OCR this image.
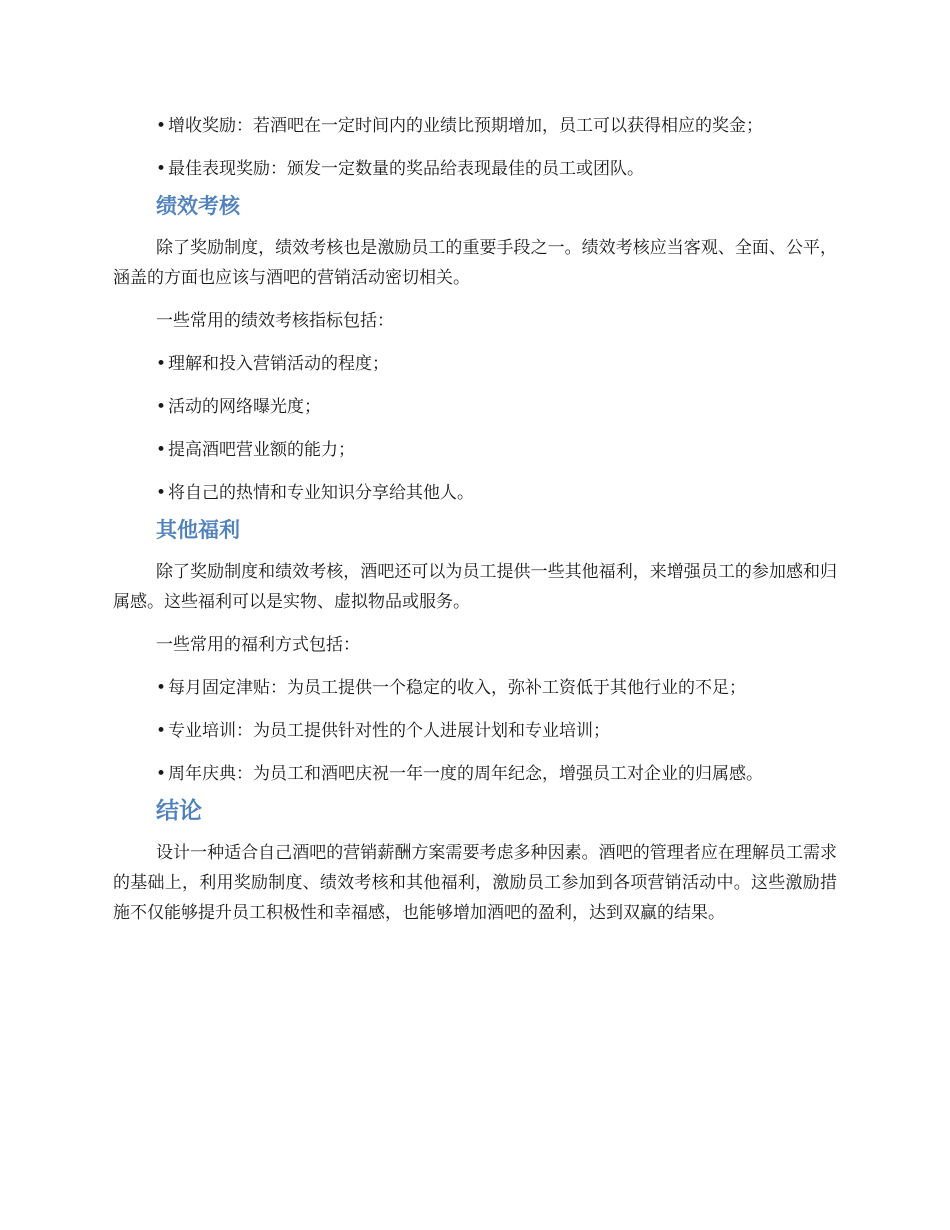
• 增收奖励：若酒吧在一定时间内的业绩比预期增加，员工可以获得相应的奖金；

• 最佳表现奖励：颁发一定数量的奖品给表现最佳的员工或团队。

绩效考核

除了奖励制度，绩效考核也是激励员工的重要手段之一。绩效考核应当客观、全面、公平，涵盖的方面也应该与酒吧的营销活动密切相关。

一些常用的绩效考核指标包括：

• 理解和投入营销活动的程度；

• 活动的网络曝光度；

• 提高酒吧营业额的能力；

• 将自己的热情和专业知识分享给其他人。

其他福利

除了奖励制度和绩效考核，酒吧还可以为员工提供一些其他福利，来增强员工的参加感和归属感。这些福利可以是实物、虚拟物品或服务。

一些常用的福利方式包括：

• 每月固定津贴：为员工提供一个稳定的收入，弥补工资低于其他行业的不足；

• 专业培训：为员工提供针对性的个人进展计划和专业培训；

• 周年庆典：为员工和酒吧庆祝一年一度的周年纪念，增强员工对企业的归属感。

结论

设计一种适合自己酒吧的营销薪酬方案需要考虑多种因素。酒吧的管理者应在理解员工需求的基础上，利用奖励制度、绩效考核和其他福利，激励员工参加到各项营销活动中。这些激励措施不仅能够提升员工积极性和幸福感，也能够增加酒吧的盈利，达到双赢的结果。
